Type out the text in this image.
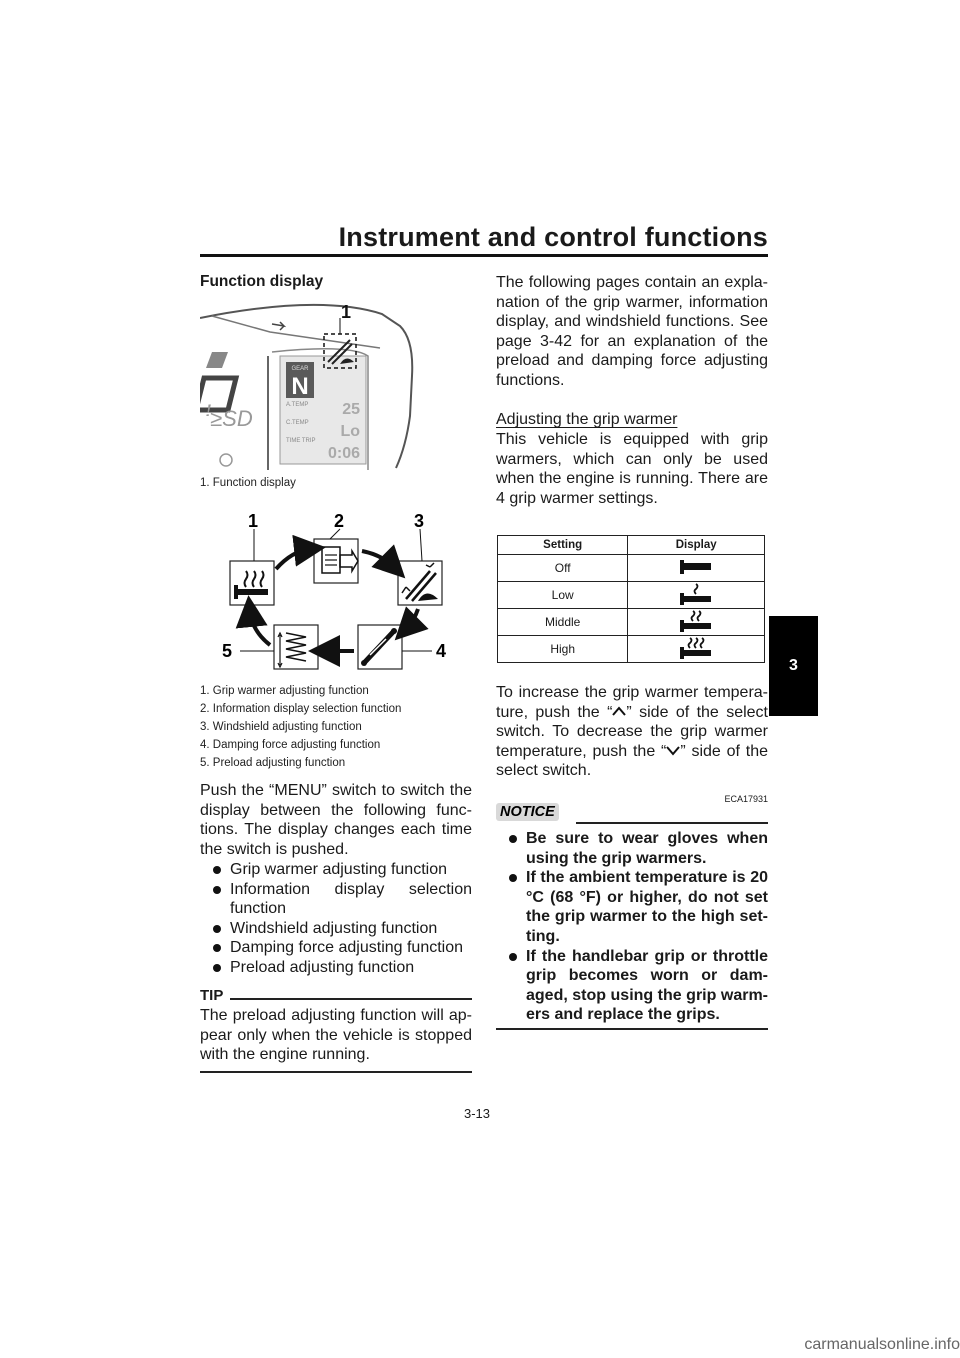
Instrument and control functions
3
Function display
GEAR
N
A.TEMP
C.TEMP
25
Lo
TIME TRIP
0:06
1
ꜝ≥SD
1. Function display
1	2	3
4
5
1. Grip warmer adjusting function
2. Information display selection function
3. Windshield adjusting function
4. Damping force adjusting function
5. Preload adjusting function
Push the “MENU” switch to switch the display between the following func-tions. The display changes each time the switch is pushed.
Grip warmer adjusting function
Information display selection function
Windshield adjusting function
Damping force adjusting function
Preload adjusting function
TIP
The preload adjusting function will ap-pear only when the vehicle is stopped with the engine running.
The following pages contain an expla-nation of the grip warmer, information display, and windshield functions. See page 3-42 for an explanation of the preload and damping force adjusting functions.
Adjusting the grip warmer
This vehicle is equipped with grip warmers, which can only be used when the engine is running. There are 4 grip warmer settings.
Setting	Display
Off	
Low	
Middle	
High	
To increase the grip warmer tempera-ture, push the “ ” side of the select switch. To decrease the grip warmer temperature, push the “ ” side of the select switch.
ECA17931
NOTICE
Be sure to wear gloves when using the grip warmers.
If the ambient temperature is 20 °C (68 °F) or higher, do not set the grip warmer to the high set-ting.
If the handlebar grip or throttle grip becomes worn or dam-aged, stop using the grip warm-ers and replace the grips.
3-13
carmanualsonline.info
